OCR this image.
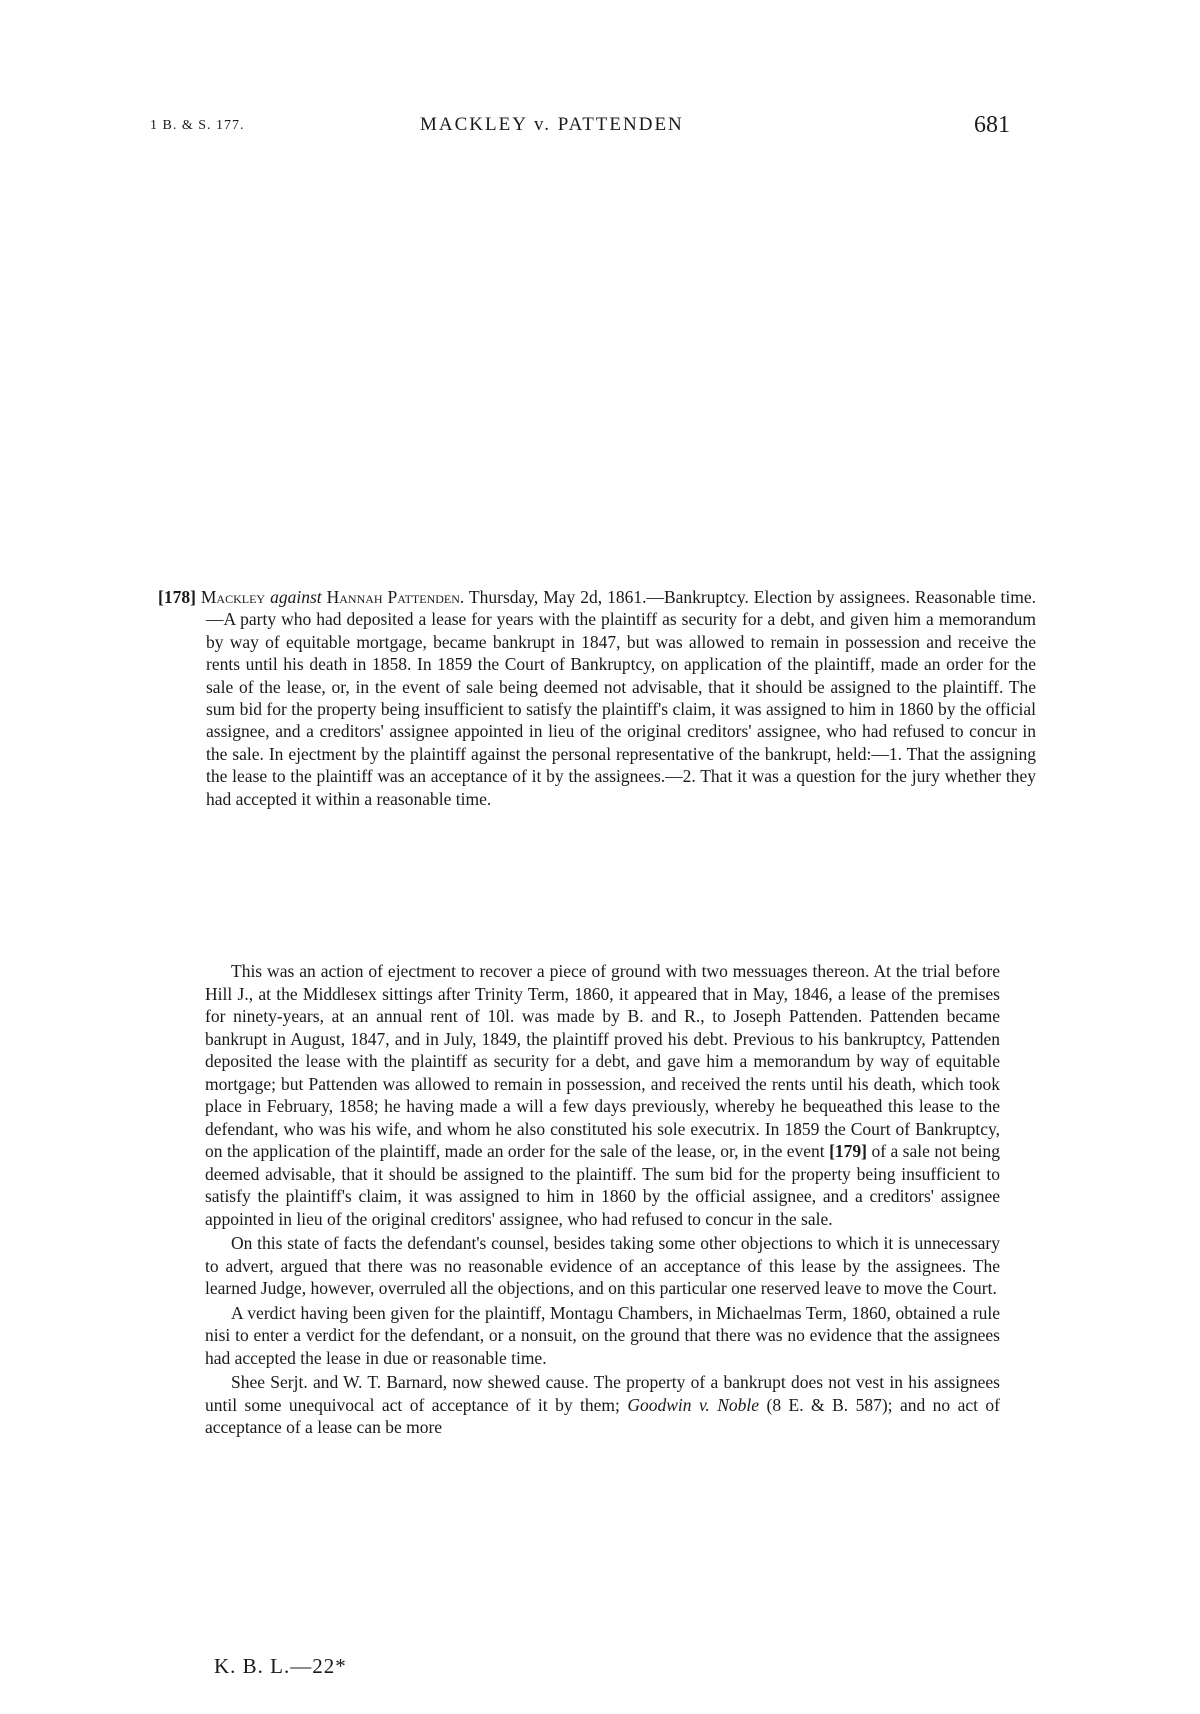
1 B. & S. 177.	MACKLEY v. PATTENDEN	681
[178] Mackley against Hannah Pattenden. Thursday, May 2d, 1861.—Bankruptcy. Election by assignees. Reasonable time.—A party who had deposited a lease for years with the plaintiff as security for a debt, and given him a memorandum by way of equitable mortgage, became bankrupt in 1847, but was allowed to remain in possession and receive the rents until his death in 1858. In 1859 the Court of Bankruptcy, on application of the plaintiff, made an order for the sale of the lease, or, in the event of sale being deemed not advisable, that it should be assigned to the plaintiff. The sum bid for the property being insufficient to satisfy the plaintiff's claim, it was assigned to him in 1860 by the official assignee, and a creditors' assignee appointed in lieu of the original creditors' assignee, who had refused to concur in the sale. In ejectment by the plaintiff against the personal representative of the bankrupt, held:—1. That the assigning the lease to the plaintiff was an acceptance of it by the assignees.—2. That it was a question for the jury whether they had accepted it within a reasonable time.

This was an action of ejectment to recover a piece of ground with two messuages thereon. At the trial before Hill J., at the Middlesex sittings after Trinity Term, 1860, it appeared that in May, 1846, a lease of the premises for ninety-years, at an annual rent of 10l. was made by B. and R., to Joseph Pattenden. Pattenden became bankrupt in August, 1847, and in July, 1849, the plaintiff proved his debt. Previous to his bankruptcy, Pattenden deposited the lease with the plaintiff as security for a debt, and gave him a memorandum by way of equitable mortgage; but Pattenden was allowed to remain in possession, and received the rents until his death, which took place in February, 1858; he having made a will a few days previously, whereby he bequeathed this lease to the defendant, who was his wife, and whom he also constituted his sole executrix. In 1859 the Court of Bankruptcy, on the application of the plaintiff, made an order for the sale of the lease, or, in the event [179] of a sale not being deemed advisable, that it should be assigned to the plaintiff. The sum bid for the property being insufficient to satisfy the plaintiff's claim, it was assigned to him in 1860 by the official assignee, and a creditors' assignee appointed in lieu of the original creditors' assignee, who had refused to concur in the sale.

On this state of facts the defendant's counsel, besides taking some other objections to which it is unnecessary to advert, argued that there was no reasonable evidence of an acceptance of this lease by the assignees. The learned Judge, however, overruled all the objections, and on this particular one reserved leave to move the Court.

A verdict having been given for the plaintiff, Montagu Chambers, in Michaelmas Term, 1860, obtained a rule nisi to enter a verdict for the defendant, or a nonsuit, on the ground that there was no evidence that the assignees had accepted the lease in due or reasonable time.

Shee Serjt. and W. T. Barnard, now shewed cause. The property of a bankrupt does not vest in his assignees until some unequivocal act of acceptance of it by them; Goodwin v. Noble (8 E. & B. 587); and no act of acceptance of a lease can be more

K. B. L.—22*
